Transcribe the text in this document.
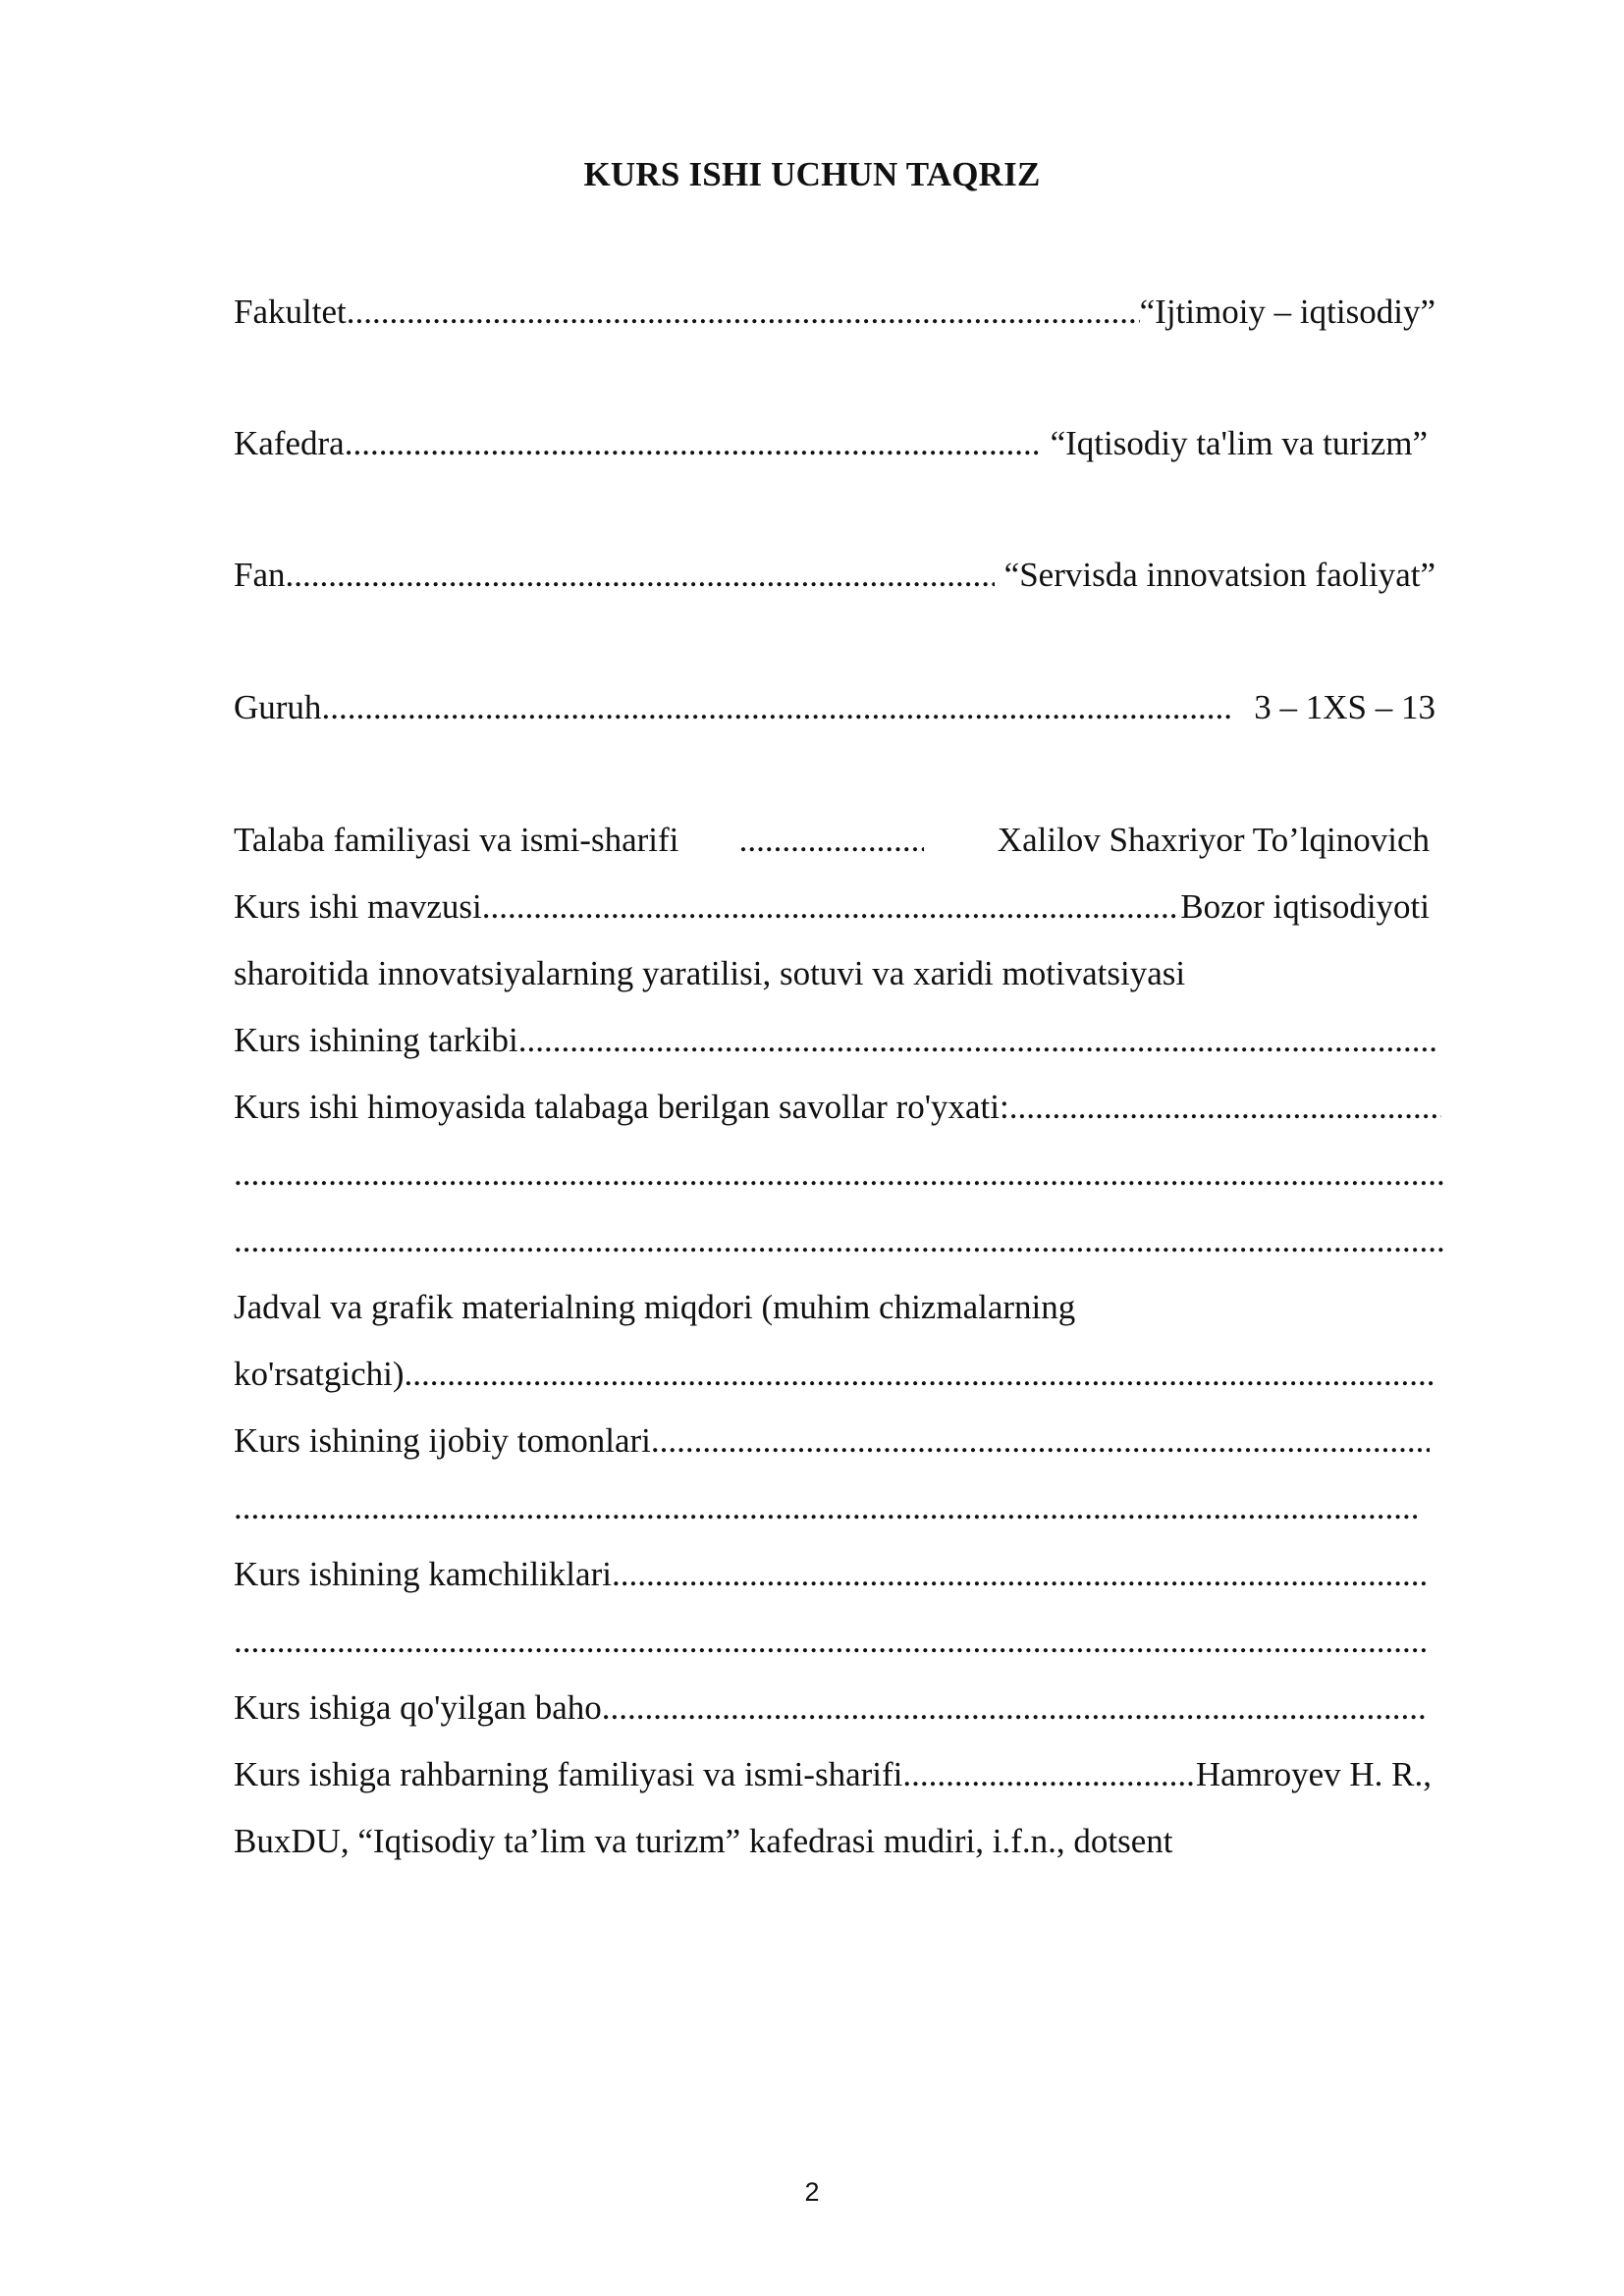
KURS ISHI UCHUN TAQRIZ
Fakultet .....	“Ijtimoiy – iqtisodiy”
Kafedra .....	“Iqtisodiy ta'lim va turizm”
Fan .....	“Servisda innovatsion faoliyat”
Guruh .....	3 – 1XS – 13
Talaba familiyasi va ismi-sharifi .....	Xalilov Shaxriyor To’lqinovich
Kurs ishi mavzusi .....	Bozor iqtisodiyoti
sharoitida innovatsiyalarning yaratilisi, sotuvi va xaridi motivatsiyasi
Kurs ishining tarkibi
.....
Kurs ishi himoyasida talabaga berilgan savollar ro'yxati:
.....
.....
.....
Jadval va grafik materialning miqdori (muhim chizmalarning
ko'rsatgichi)
.....
Kurs ishining ijobiy tomonlari
.....
.....
Kurs ishining kamchiliklari
.....
.....
Kurs ishiga qo'yilgan baho
.....
Kurs ishiga rahbarning familiyasi va ismi-sharifi .....	Hamroyev H. R.,
BuxDU, “Iqtisodiy ta’lim va turizm” kafedrasi mudiri, i.f.n., dotsent
2
